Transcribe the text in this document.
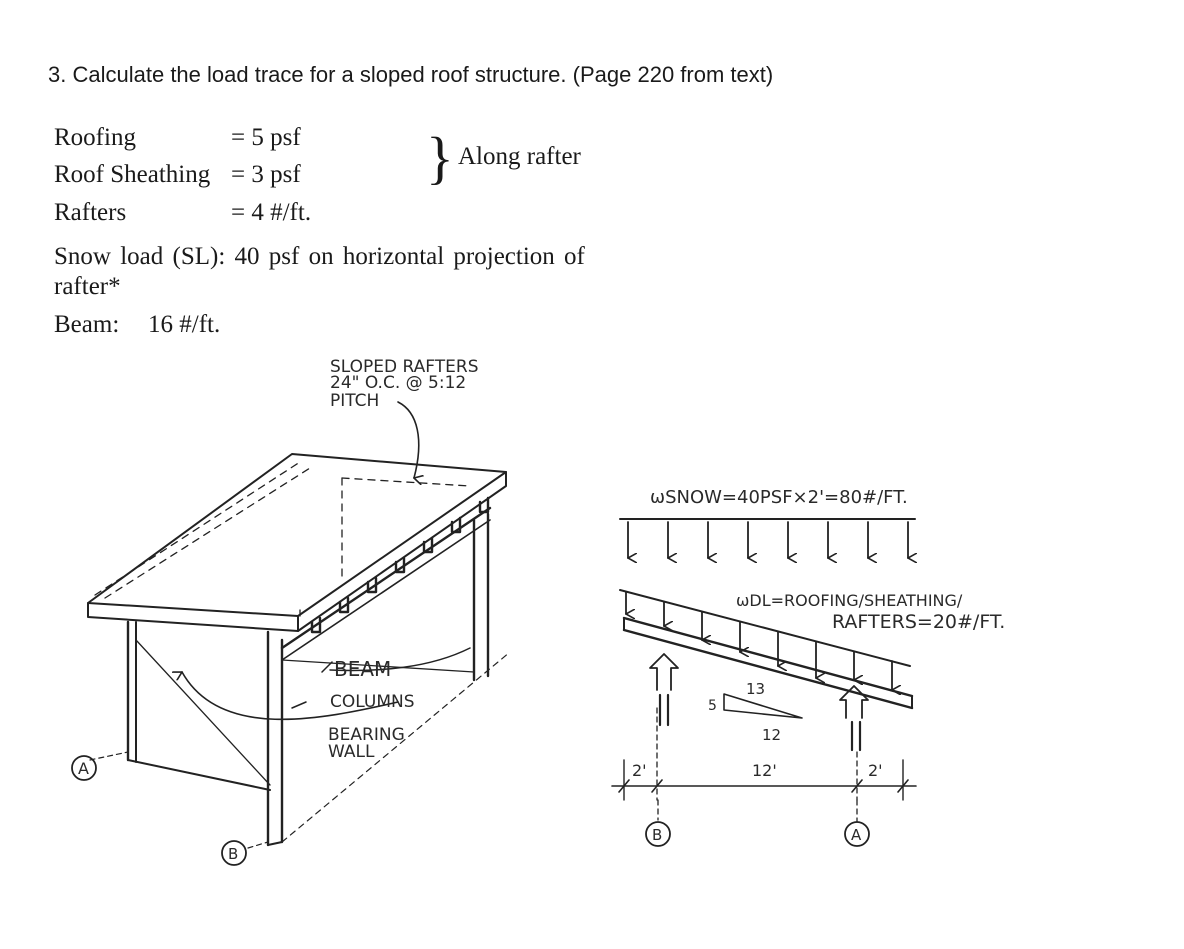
3. Calculate the load trace for a sloped roof structure. (Page 220 from text)
Roofing	= 5 psf
Roof Sheathing = 3 psf
Rafters	= 4 #/ft.
} Along rafter
Snow load (SL): 40 psf on horizontal projection of
rafter*
Beam: 16 #/ft.
SLOPED RAFTERS
24" O.C. @ 5:12
PITCH
BEAM
COLUMNS
BEARING
WALL
A
B
ωSNOW=40PSF×2'=80#/FT.
ωDL=ROOFING/SHEATHING/
RAFTERS=20#/FT.
5
13
12
2'	12'	2'
B	A
